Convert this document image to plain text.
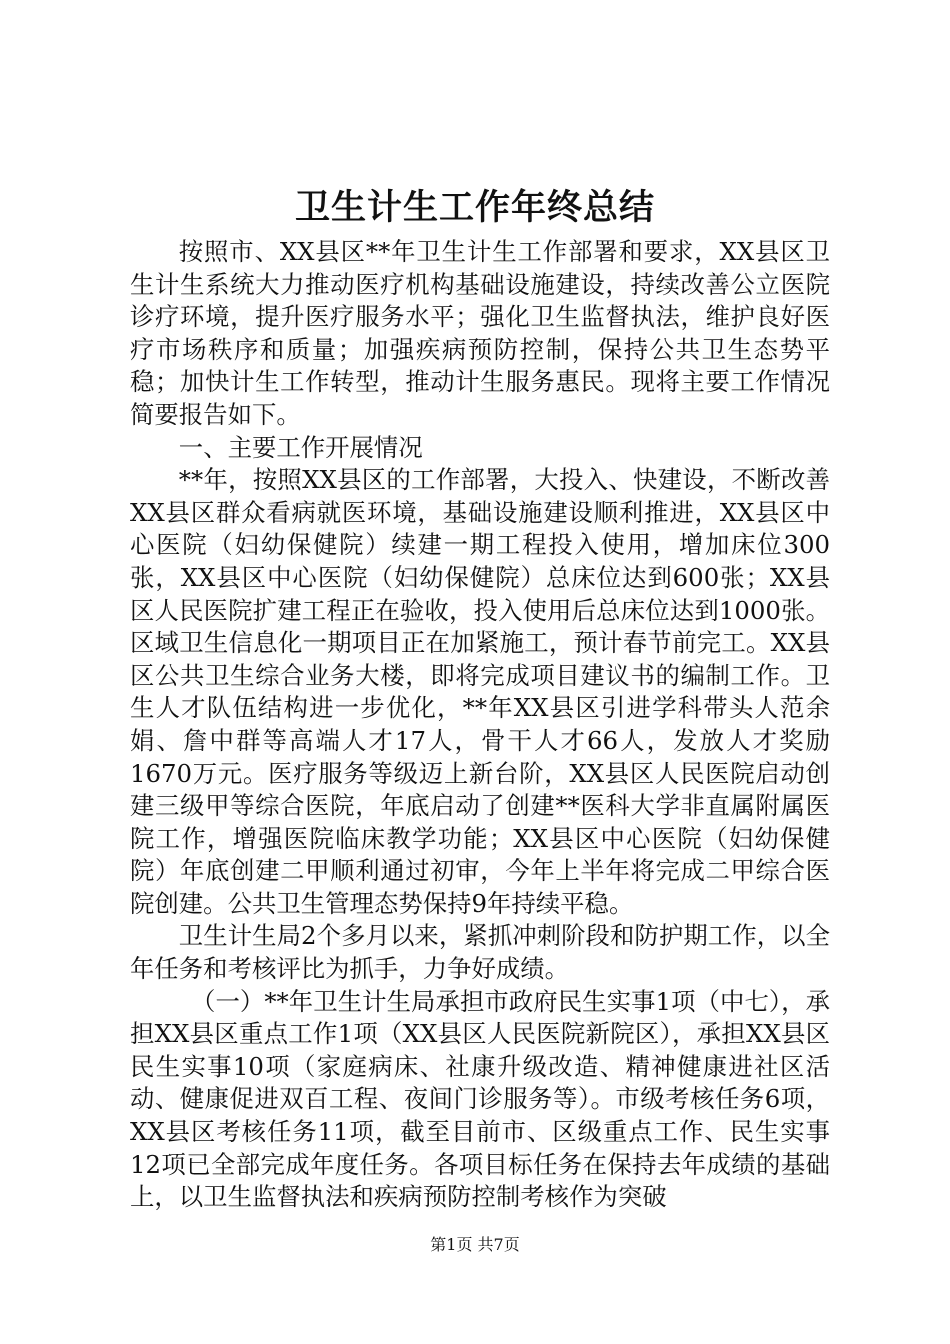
卫生计生工作年终总结

按照市、XX县区**年卫生计生工作部署和要求，XX县区卫生计生系统大力推动医疗机构基础设施建设，持续改善公立医院诊疗环境，提升医疗服务水平；强化卫生监督执法，维护良好医疗市场秩序和质量；加强疾病预防控制，保持公共卫生态势平稳；加快计生工作转型，推动计生服务惠民。现将主要工作情况简要报告如下。

一、主要工作开展情况

**年，按照XX县区的工作部署，大投入、快建设，不断改善XX县区群众看病就医环境，基础设施建设顺利推进，XX县区中心医院（妇幼保健院）续建一期工程投入使用，增加床位300张，XX县区中心医院（妇幼保健院）总床位达到600张；XX县区人民医院扩建工程正在验收，投入使用后总床位达到1000张。区域卫生信息化一期项目正在加紧施工，预计春节前完工。XX县区公共卫生综合业务大楼，即将完成项目建议书的编制工作。卫生人才队伍结构进一步优化，**年XX县区引进学科带头人范余娟、詹中群等高端人才17人，骨干人才66人，发放人才奖励1670万元。医疗服务等级迈上新台阶，XX县区人民医院启动创建三级甲等综合医院，年底启动了创建**医科大学非直属附属医院工作，增强医院临床教学功能；XX县区中心医院（妇幼保健院）年底创建二甲顺利通过初审，今年上半年将完成二甲综合医院创建。公共卫生管理态势保持9年持续平稳。

卫生计生局2个多月以来，紧抓冲刺阶段和防护期工作，以全年任务和考核评比为抓手，力争好成绩。

（一）**年卫生计生局承担市政府民生实事1项（中七），承担XX县区重点工作1项（XX县区人民医院新院区），承担XX县区民生实事10项（家庭病床、社康升级改造、精神健康进社区活动、健康促进双百工程、夜间门诊服务等）。市级考核任务6项，XX县区考核任务11项，截至目前市、区级重点工作、民生实事12项已全部完成年度任务。各项目标任务在保持去年成绩的基础上，以卫生监督执法和疾病预防控制考核作为突破

第1页 共7页
